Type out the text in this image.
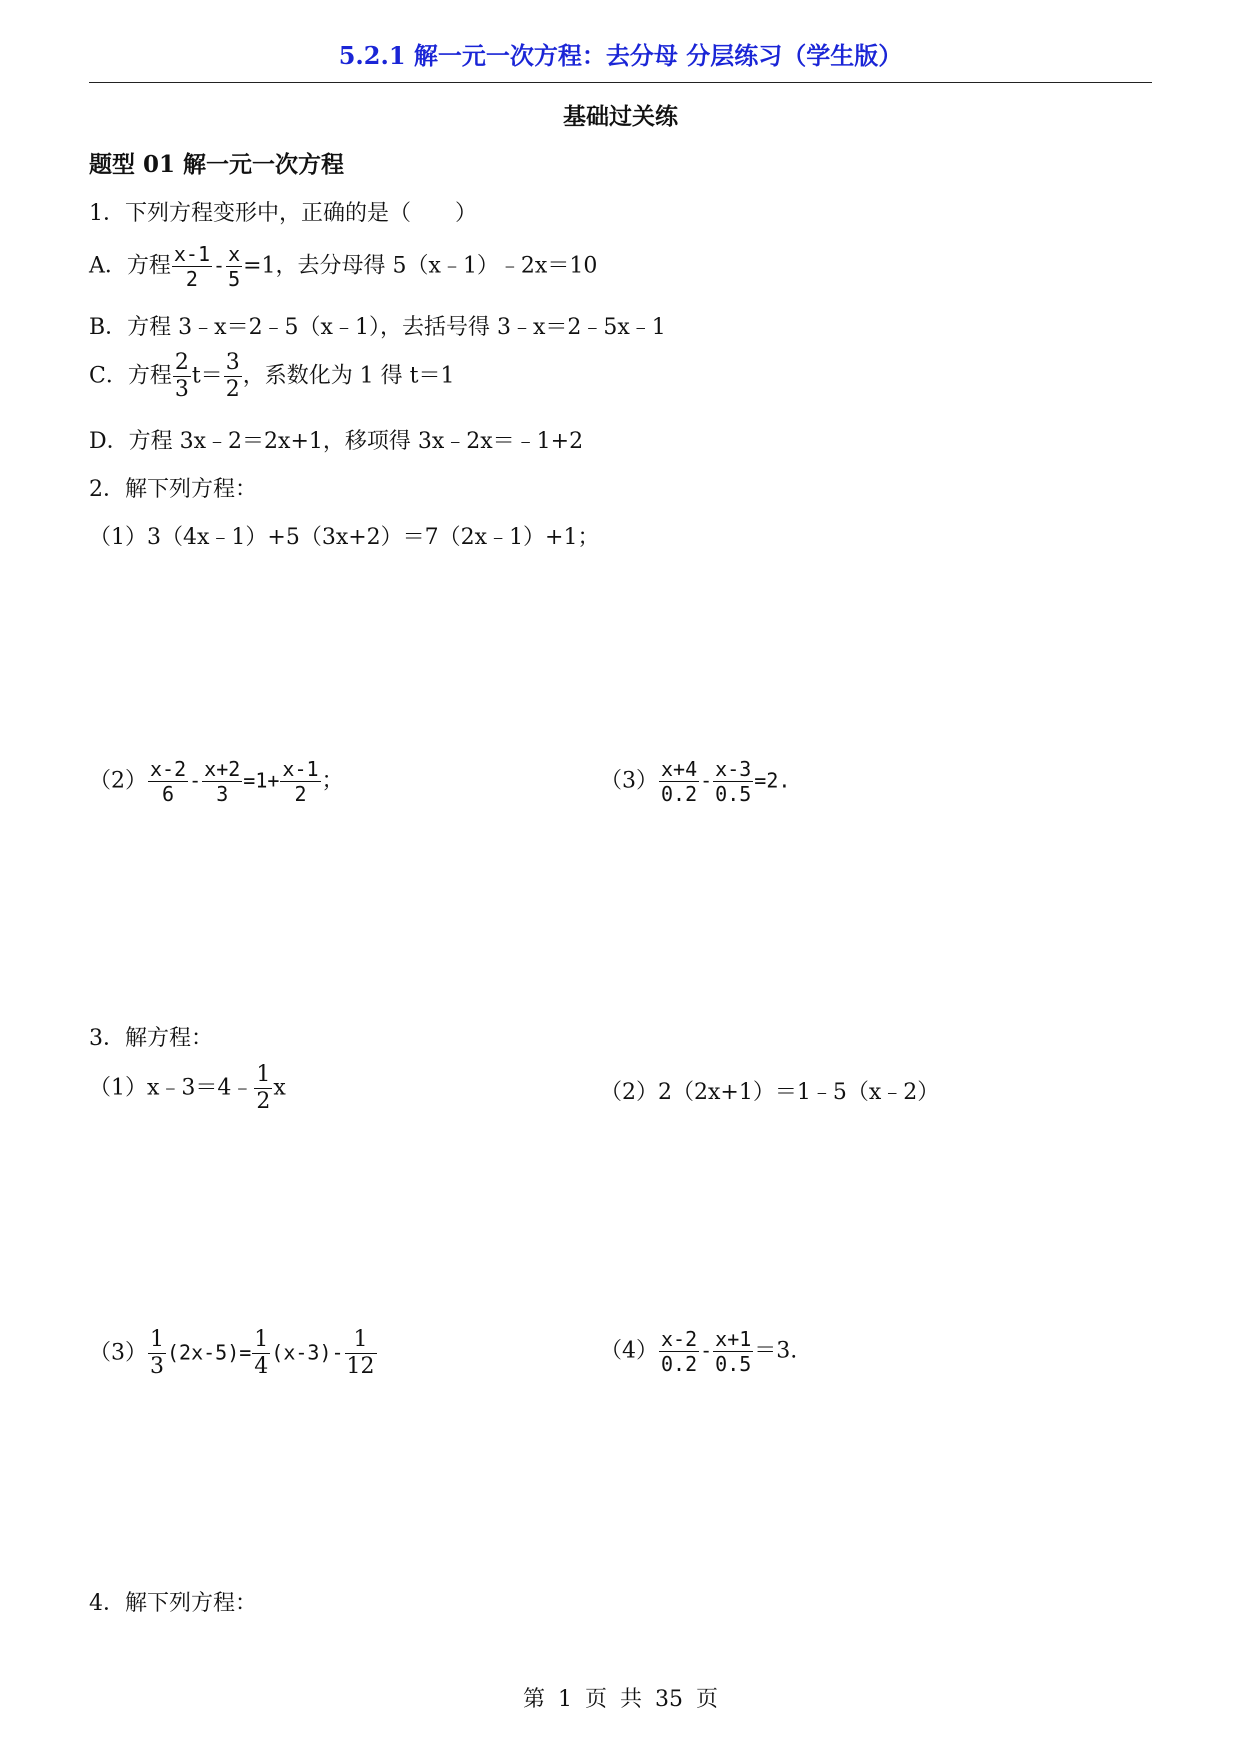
5.2.1 解一元一次方程：去分母 分层练习（学生版）
基础过关练
题型 01 解一元一次方程
1．下列方程变形中，正确的是（　　）
A．方程 $\frac{x-1}{2} - \frac{x}{5} =1$，去分母得 5（x﹣1）﹣2x＝10
B．方程 3﹣x＝2﹣5（x﹣1），去括号得 3﹣x＝2﹣5x﹣1
C．方程 $\frac{2}{3} t= \frac{3}{2}$ ，系数化为 1 得 t＝1
D．方程 3x﹣2＝2x+1，移项得 3x﹣2x＝﹣1+2
2．解下列方程：
（1）3（4x﹣1）+5（3x+2）＝7（2x﹣1）+1；
$(2) \frac{x-2}{6} - \frac{x+2}{3} =1+ \frac{x-1}{2}$ ；	$(3) \frac{x+4}{0.2} - \frac{x-3}{0.5} =2$.
3．解方程：
（1）x﹣3＝4﹣ $\frac{1}{2}$ x	（2）2（2x+1）＝1﹣5（x﹣2）
$(3) \frac{1}{3} (2x-5)= \frac{1}{4} (x-3)- \frac{1}{12}$	$(4) \frac{x-2}{0.2} - \frac{x+1}{0.5} =3$.
4．解下列方程：
第 1 页 共 35 页
